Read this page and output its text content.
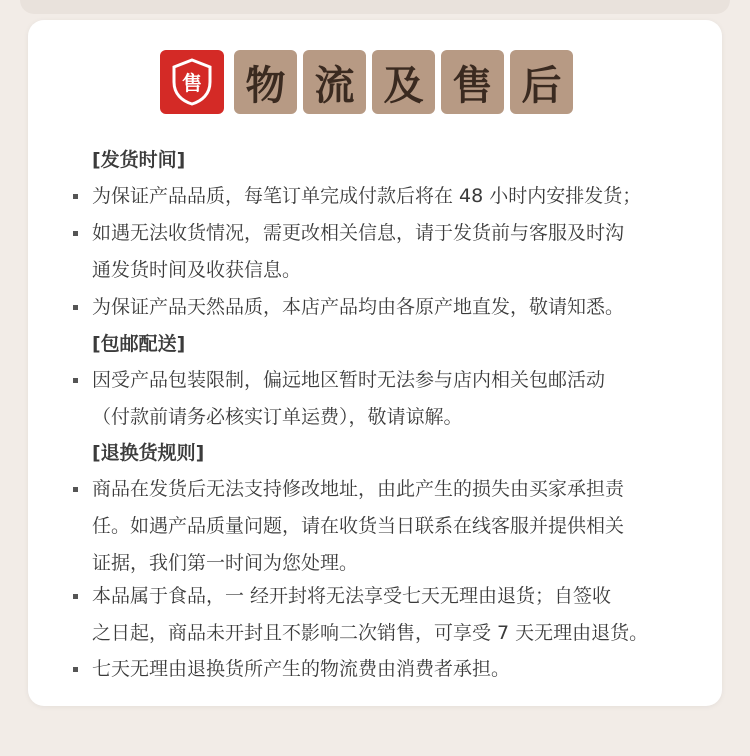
售 物 流 及 售 后
[发货时间]
为保证产品品质，每笔订单完成付款后将在 48 小时内安排发货；
如遇无法收货情况，需更改相关信息，请于发货前与客服及时沟
通发货时间及收获信息。
为保证产品天然品质，本店产品均由各原产地直发，敬请知悉。
[包邮配送]
因受产品包装限制，偏远地区暂时无法参与店内相关包邮活动
（付款前请务必核实订单运费），敬请谅解。
[退换货规则]
商品在发货后无法支持修改地址，由此产生的损失由买家承担责
任。如遇产品质量问题，请在收货当日联系在线客服并提供相关
证据，我们第一时间为您处理。
本品属于食品，一 经开封将无法享受七天无理由退货；自签收
之日起，商品未开封且不影响二次销售，可享受 7 天无理由退货。
七天无理由退换货所产生的物流费由消费者承担。
